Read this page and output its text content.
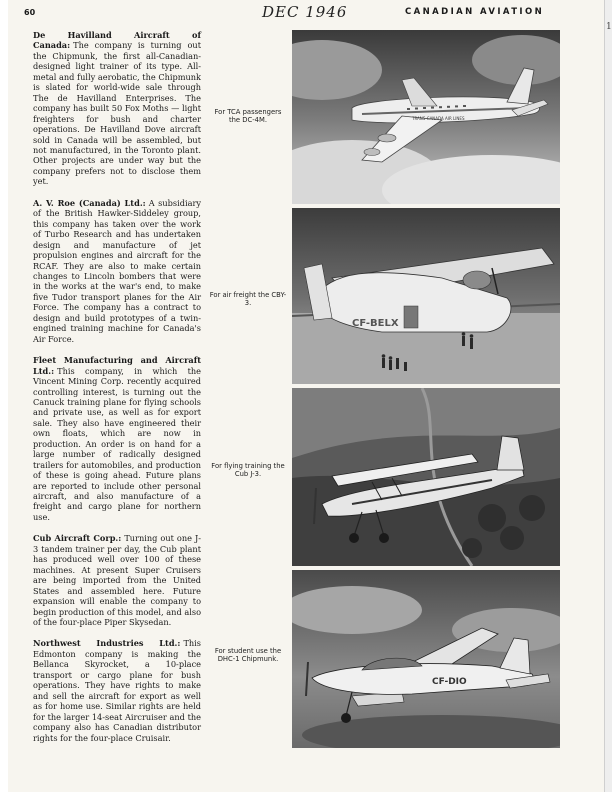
1
60	DEC 1946	CANADIAN AVIATION

De Havilland Aircraft of Canada: The company is turning out the Chipmunk, the first all-Canadian-designed light trainer of its type. All-metal and fully aerobatic, the Chipmunk is slated for world-wide sale through The de Havilland Enterprises. The company has built 50 Fox Moths — light freighters for bush and charter operations. De Havilland Dove aircraft sold in Canada will be assembled, but not manufactured, in the Toronto plant. Other projects are under way but the company prefers not to disclose them yet.

A. V. Roe (Canada) Ltd.: A subsidiary of the British Hawker-Siddeley group, this company has taken over the work of Turbo Research and has undertaken design and manufacture of jet propulsion engines and aircraft for the RCAF. They are also to make certain changes to Lincoln bombers that were in the works at the war's end, to make five Tudor transport planes for the Air Force. The company has a contract to design and build prototypes of a twin-engined training machine for Canada's Air Force.

Fleet Manufacturing and Aircraft Ltd.: This company, in which the Vincent Mining Corp. recently acquired controlling interest, is turning out the Canuck training plane for flying schools and private use, as well as for export sale. They also have engineered their own floats, which are now in production. An order is on hand for a large number of radically designed trailers for automobiles, and production of these is going ahead. Future plans are reported to include other personal aircraft, and also manufacture of a freight and cargo plane for northern use.

Cub Aircraft Corp.: Turning out one J-3 tandem trainer per day, the Cub plant has produced well over 100 of these machines. At present Super Cruisers are being imported from the United States and assembled here. Future expansion will enable the company to begin production of this model, and also of the four-place Piper Skysedan.

Northwest Industries Ltd.: This Edmonton company is making the Bellanca Skyrocket, a 10-place transport or cargo plane for bush operations. They have rights to make and sell the aircraft for export as well as for home use. Similar rights are held for the larger 14-seat Aircruiser and the company also has Canadian distributor rights for the four-place Cruisair.

For TCA passengers the DC-4M.
For air freight the CBY-3.
For flying training the Cub J-3.
For student use the DHC-1 Chipmunk.
TRANS-CANADA AIR LINES
CF-BELX
CF-DIO
